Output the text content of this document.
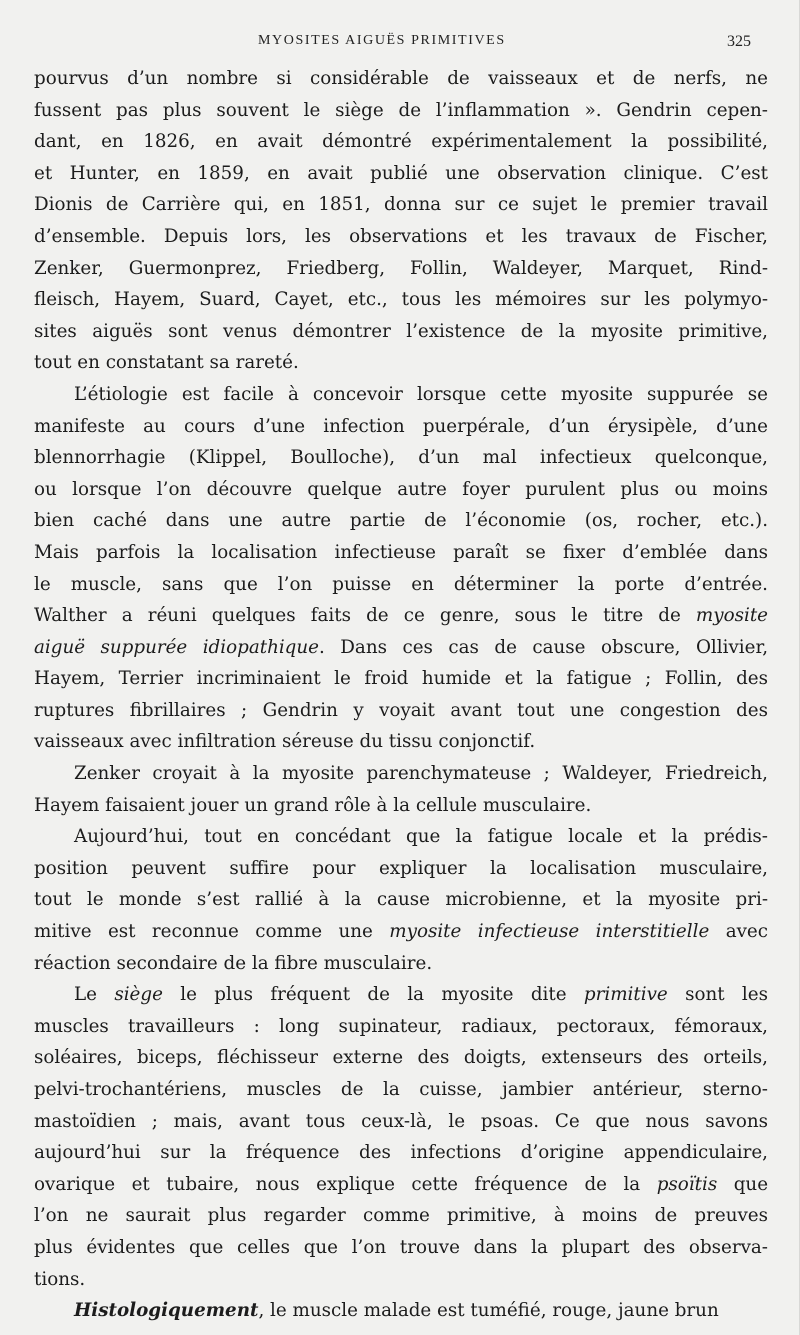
MYOSITES AIGUËS PRIMITIVES	325
pourvus d’un nombre si considérable de vaisseaux et de nerfs, ne
fussent pas plus souvent le siège de l’inflammation ». Gendrin cepen-
dant, en 1826, en avait démontré expérimentalement la possibilité,
et Hunter, en 1859, en avait publié une observation clinique. C’est
Dionis de Carrière qui, en 1851, donna sur ce sujet le premier travail
d’ensemble. Depuis lors, les observations et les travaux de Fischer,
Zenker, Guermonprez, Friedberg, Follin, Waldeyer, Marquet, Rind-
fleisch, Hayem, Suard, Cayet, etc., tous les mémoires sur les polymyo-
sites aiguës sont venus démontrer l’existence de la myosite primitive,
tout en constatant sa rareté.
L’étiologie est facile à concevoir lorsque cette myosite suppurée se
manifeste au cours d’une infection puerpérale, d’un érysipèle, d’une
blennorrhagie (Klippel, Boulloche), d’un mal infectieux quelconque,
ou lorsque l’on découvre quelque autre foyer purulent plus ou moins
bien caché dans une autre partie de l’économie (os, rocher, etc.).
Mais parfois la localisation infectieuse paraît se fixer d’emblée dans
le muscle, sans que l’on puisse en déterminer la porte d’entrée.
Walther a réuni quelques faits de ce genre, sous le titre de myosite
aiguë suppurée idiopathique. Dans ces cas de cause obscure, Ollivier,
Hayem, Terrier incriminaient le froid humide et la fatigue ; Follin, des
ruptures fibrillaires ; Gendrin y voyait avant tout une congestion des
vaisseaux avec infiltration séreuse du tissu conjonctif.
Zenker croyait à la myosite parenchymateuse ; Waldeyer, Friedreich,
Hayem faisaient jouer un grand rôle à la cellule musculaire.
Aujourd’hui, tout en concédant que la fatigue locale et la prédis-
position peuvent suffire pour expliquer la localisation musculaire,
tout le monde s’est rallié à la cause microbienne, et la myosite pri-
mitive est reconnue comme une myosite infectieuse interstitielle avec
réaction secondaire de la fibre musculaire.
Le siège le plus fréquent de la myosite dite primitive sont les
muscles travailleurs : long supinateur, radiaux, pectoraux, fémoraux,
soléaires, biceps, fléchisseur externe des doigts, extenseurs des orteils,
pelvi-trochantériens, muscles de la cuisse, jambier antérieur, sterno-
mastoïdien ; mais, avant tous ceux-là, le psoas. Ce que nous savons
aujourd’hui sur la fréquence des infections d’origine appendiculaire,
ovarique et tubaire, nous explique cette fréquence de la psoïtis que
l’on ne saurait plus regarder comme primitive, à moins de preuves
plus évidentes que celles que l’on trouve dans la plupart des observa-
tions.
Histologiquement, le muscle malade est tuméfié, rouge, jaune brun
